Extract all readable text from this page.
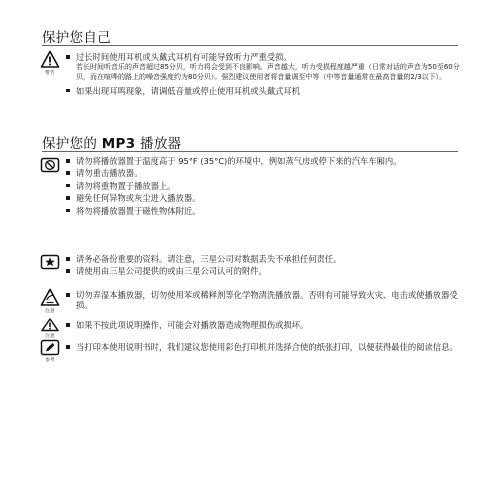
保护您自己
警告
过长时间使用耳机或头戴式耳机有可能导致听力严重受损。
若长时间听音乐的声音超过85分贝，听力将会受到不良影响。声音越大，听力受损程度越严重（日常对话的声音为50至60分贝，而在喧哗的路上的噪音强度约为80分贝）。强烈建议使用者将音量调至中等（中等音量通常在最高音量的2/3以下）。
如果出现耳鸣现象，请调低音量或停止使用耳机或头戴式耳机
保护您的 MP3 播放器
请勿将播放器置于温度高于 95°F (35°C)的环境中，例如蒸气房或停下来的汽车车厢内。
请勿重击播放器。
请勿将重物置于播放器上。
避免任何异物或灰尘进入播放器。
将勿将播放器置于磁性物体附近。
请务必备份重要的资料。请注意，三星公司对数据丢失不承担任何责任。
请使用由三星公司提供的或由三星公司认可的附件。
注意
切勿弄湿本播放器，切勿使用苯或稀释剂等化学物清洗播放器。否则有可能导致火灾、电击或使播放器受损。
注意
如果不按此项说明操作，可能会对播放器造成物理损伤或损坏。
参考
当打印本使用说明书时，我们建议您使用彩色打印机并选择合使的纸张打印，以便获得最佳的阅读信息。
